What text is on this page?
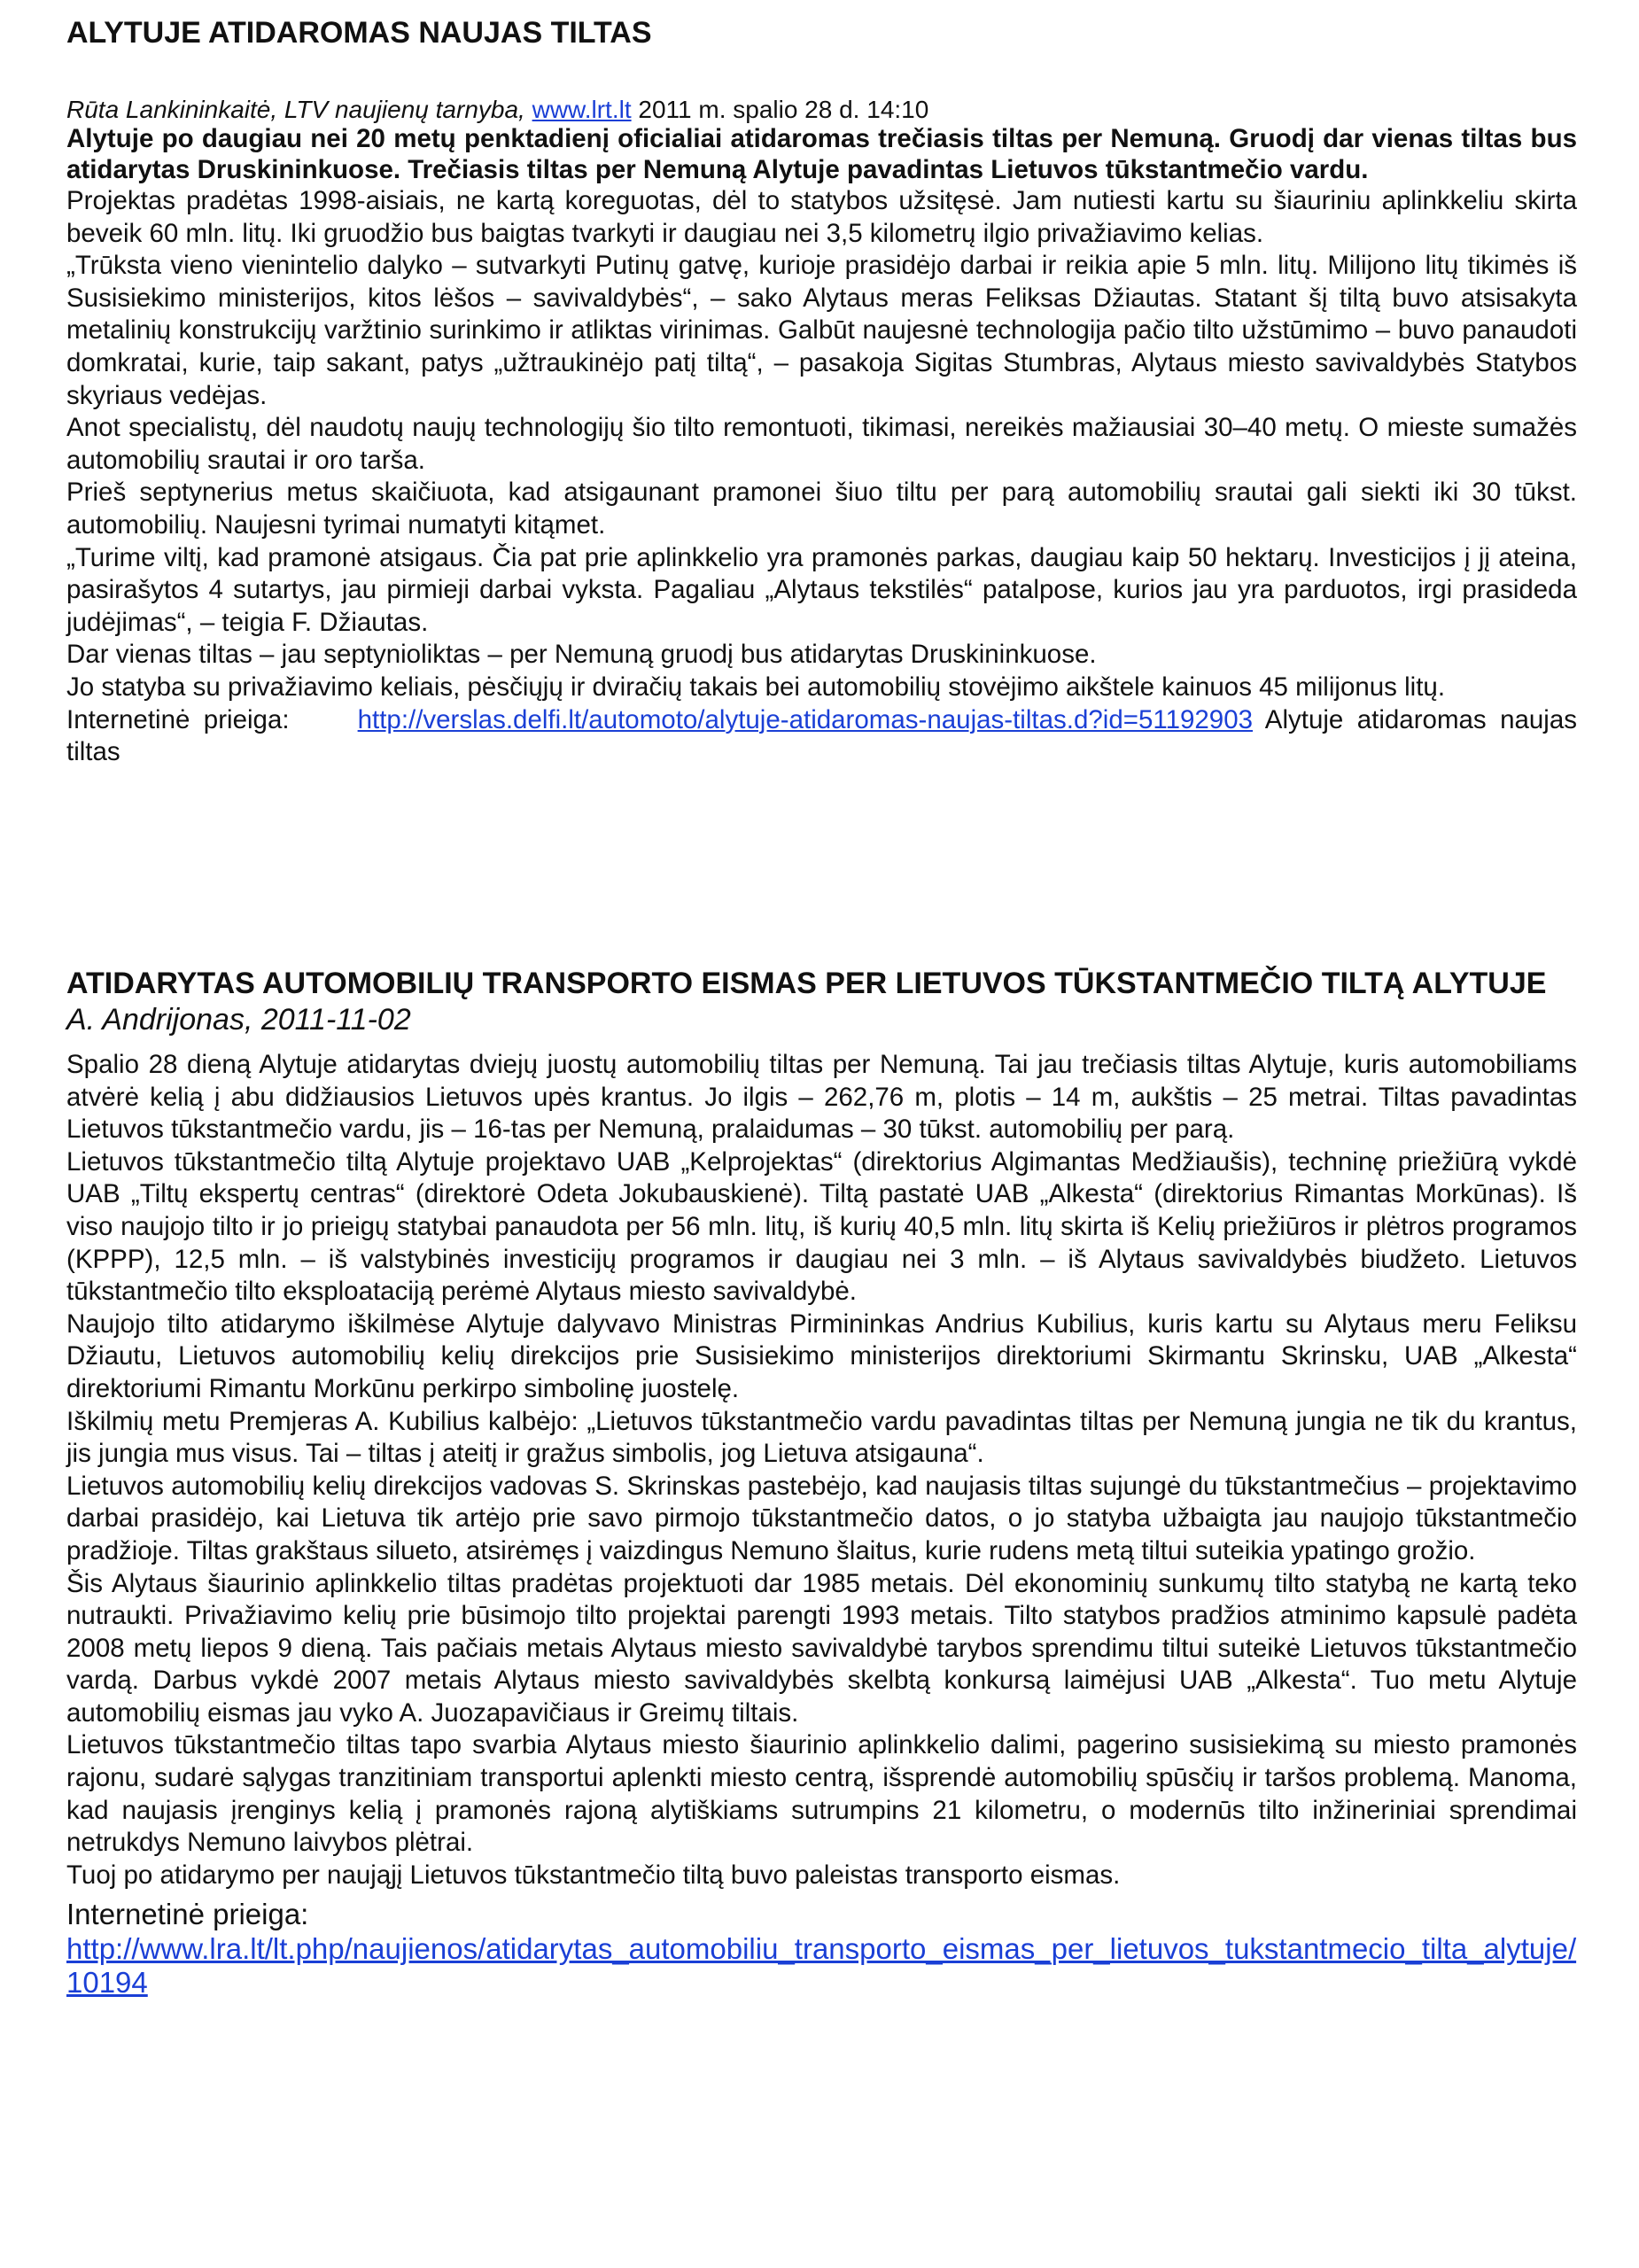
ALYTUJE ATIDAROMAS NAUJAS TILTAS
Rūta Lankininkaitė, LTV naujienų tarnyba, www.lrt.lt 2011 m. spalio 28 d. 14:10

Alytuje po daugiau nei 20 metų penktadienį oficialiai atidaromas trečiasis tiltas per Nemuną. Gruodį dar vienas tiltas bus atidarytas Druskininkuose. Trečiasis tiltas per Nemuną Alytuje pavadintas Lietuvos tūkstantmečio vardu.

Projektas pradėtas 1998-aisiais, ne kartą koreguotas, dėl to statybos užsitęsė. Jam nutiesti kartu su šiauriniu aplinkkeliu skirta beveik 60 mln. litų. Iki gruodžio bus baigtas tvarkyti ir daugiau nei 3,5 kilometrų ilgio privažiavimo kelias.

„Trūksta vieno vienintelio dalyko – sutvarkyti Putinų gatvę, kurioje prasidėjo darbai ir reikia apie 5 mln. litų. Milijono litų tikimės iš Susisiekimo ministerijos, kitos lėšos – savivaldybės“, – sako Alytaus meras Feliksas Džiautas. Statant šį tiltą buvo atsisakyta metalinių konstrukcijų varžtinio surinkimo ir atliktas virinimas. Galbūt naujesnė technologija pačio tilto užstūmimo – buvo panaudoti domkratai, kurie, taip sakant, patys „užtraukinėjo patį tiltą“, – pasakoja Sigitas Stumbras, Alytaus miesto savivaldybės Statybos skyriaus vedėjas.

Anot specialistų, dėl naudotų naujų technologijų šio tilto remontuoti, tikimasi, nereikės mažiausiai 30–40 metų. O mieste sumažės automobilių srautai ir oro tarša.

Prieš septynerius metus skaičiuota, kad atsigaunant pramonei šiuo tiltu per parą automobilių srautai gali siekti iki 30 tūkst. automobilių. Naujesni tyrimai numatyti kitąmet.

„Turime viltį, kad pramonė atsigaus. Čia pat prie aplinkkelio yra pramonės parkas, daugiau kaip 50 hektarų. Investicijos į jį ateina, pasirašytos 4 sutartys, jau pirmieji darbai vyksta. Pagaliau „Alytaus tekstilės“ patalpose, kurios jau yra parduotos, irgi prasideda judėjimas“, – teigia F. Džiautas.

Dar vienas tiltas – jau septynioliktas – per Nemuną gruodį bus atidarytas Druskininkuose.

Jo statyba su privažiavimo keliais, pėsčiųjų ir dviračių takais bei automobilių stovėjimo aikštele kainuos 45 milijonus litų.

Internetinė prieiga:	http://verslas.delfi.lt/automoto/alytuje-atidaromas-naujas-tiltas.d?id=51192903 Alytuje atidaromas naujas tiltas

ATIDARYTAS AUTOMOBILIŲ TRANSPORTO EISMAS PER LIETUVOS TŪKSTANTMEČIO TILTĄ ALYTUJE
A. Andrijonas, 2011-11-02

Spalio 28 dieną Alytuje atidarytas dviejų juostų automobilių tiltas per Nemuną. Tai jau trečiasis tiltas Alytuje, kuris automobiliams atvėrė kelią į abu didžiausios Lietuvos upės krantus. Jo ilgis – 262,76 m, plotis – 14 m, aukštis – 25 metrai. Tiltas pavadintas Lietuvos tūkstantmečio vardu, jis – 16-tas per Nemuną, pralaidumas – 30 tūkst. automobilių per parą.

Lietuvos tūkstantmečio tiltą Alytuje projektavo UAB „Kelprojektas“ (direktorius Algimantas Medžiaušis), techninę priežiūrą vykdė UAB „Tiltų ekspertų centras“ (direktorė Odeta Jokubauskienė). Tiltą pastatė UAB „Alkesta“ (direktorius Rimantas Morkūnas). Iš viso naujojo tilto ir jo prieigų statybai panaudota per 56 mln. litų, iš kurių 40,5 mln. litų skirta iš Kelių priežiūros ir plėtros programos (KPPP), 12,5 mln. – iš valstybinės investicijų programos ir daugiau nei 3 mln. – iš Alytaus savivaldybės biudžeto. Lietuvos tūkstantmečio tilto eksploataciją perėmė Alytaus miesto savivaldybė.

Naujojo tilto atidarymo iškilmėse Alytuje dalyvavo Ministras Pirmininkas Andrius Kubilius, kuris kartu su Alytaus meru Feliksu Džiautu, Lietuvos automobilių kelių direkcijos prie Susisiekimo ministerijos direktoriumi Skirmantu Skrinsku, UAB „Alkesta“ direktoriumi Rimantu Morkūnu perkirpo simbolinę juostelę.

Iškilmių metu Premjeras A. Kubilius kalbėjo: „Lietuvos tūkstantmečio vardu pavadintas tiltas per Nemuną jungia ne tik du krantus, jis jungia mus visus. Tai – tiltas į ateitį ir gražus simbolis, jog Lietuva atsigauna“.

Lietuvos automobilių kelių direkcijos vadovas S. Skrinskas pastebėjo, kad naujasis tiltas sujungė du tūkstantmečius – projektavimo darbai prasidėjo, kai Lietuva tik artėjo prie savo pirmojo tūkstantmečio datos, o jo statyba užbaigta jau naujojo tūkstantmečio pradžioje. Tiltas grakštaus silueto, atsirėmęs į vaizdingus Nemuno šlaitus, kurie rudens metą tiltui suteikia ypatingo grožio.

Šis Alytaus šiaurinio aplinkkelio tiltas pradėtas projektuoti dar 1985 metais. Dėl ekonominių sunkumų tilto statybą ne kartą teko nutraukti. Privažiavimo kelių prie būsimojo tilto projektai parengti 1993 metais. Tilto statybos pradžios atminimo kapsulė padėta 2008 metų liepos 9 dieną. Tais pačiais metais Alytaus miesto savivaldybė tarybos sprendimu tiltui suteikė Lietuvos tūkstantmečio vardą. Darbus vykdė 2007 metais Alytaus miesto savivaldybės skelbtą konkursą laimėjusi UAB „Alkesta“. Tuo metu Alytuje automobilių eismas jau vyko A. Juozapavičiaus ir Greimų tiltais.

Lietuvos tūkstantmečio tiltas tapo svarbia Alytaus miesto šiaurinio aplinkkelio dalimi, pagerino susisiekimą su miesto pramonės rajonu, sudarė sąlygas tranzitiniam transportui aplenkti miesto centrą, išsprendė automobilių spūsčių ir taršos problemą. Manoma, kad naujasis įrenginys kelią į pramonės rajoną alytiškiams sutrumpins 21 kilometru, o modernūs tilto inžineriniai sprendimai netrukdys Nemuno laivybos plėtrai.

Tuoj po atidarymo per naująjį Lietuvos tūkstantmečio tiltą buvo paleistas transporto eismas.

Internetinė prieiga:
http://www.lra.lt/lt.php/naujienos/atidarytas_automobiliu_transporto_eismas_per_lietuvos_tukstantmecio_tilta_alytuje/10194
